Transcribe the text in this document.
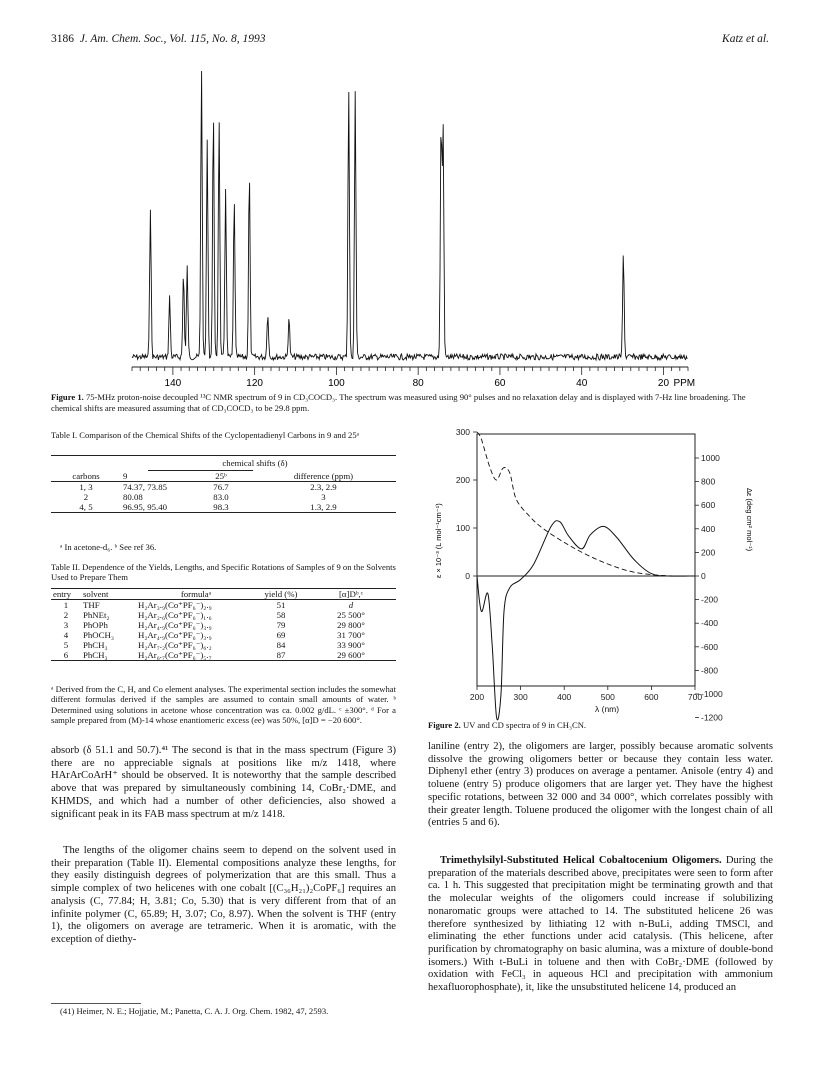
3186 J. Am. Chem. Soc., Vol. 115, No. 8, 1993	Katz et al.
140	120	100	80	60	40	20 PPM
Figure 1. 75-MHz proton-noise decoupled ¹³C NMR spectrum of 9 in CD₃COCD₃. The spectrum was measured using 90° pulses and no relaxation delay and is displayed with 7-Hz line broadening. The chemical shifts are measured assuming that of CD₃COCD₃ to be 29.8 ppm.
Table I. Comparison of the Chemical Shifts of the Cyclopentadienyl Carbons in 9 and 25ᵃ
chemical shifts (δ)
carbons	9	25ᵇ	difference (ppm)
1, 3	74.37, 73.85	76.7	2.3, 2.9
2	80.08	83.0	3
4, 5	96.95, 95.40	98.3	1.3, 2.9
ᵃ In acetone-d₆. ᵇ See ref 36.
Table II. Dependence of the Yields, Lengths, and Specific Rotations of Samples of 9 on the Solvents Used to Prepare Them
entry	solvent	formulaᵃ	yield (%)	[α]Dᵇ,ᶜ
1	THF	H₂Ar₃.₉(Co⁺PF₆⁻)₂.₉	51	d
2	PhNEt₂	H₂Ar₂.₆(Co⁺PF₆⁻)₁.₆	58	25 500°
3	PhOPh	H₂Ar₄.₉(Co⁺PF₆⁻)₃.₉	79	29 800°
4	PhOCH₃	H₂Ar₄.₉(Co⁺PF₆⁻)₃.₉	69	31 700°
5	PhCH₃	H₂Ar₇.₂(Co⁺PF₆⁻)₆.₂	84	33 900°
6	PhCH₃	H₂Ar₆.₇(Co⁺PF₆⁻)₅.₇	87	29 600°
ᵃ Derived from the C, H, and Co element analyses. The experimental section includes the somewhat different formulas derived if the samples are assumed to contain small amounts of water. ᵇ Determined using solutions in acetone whose concentration was ca. 0.002 g/dL. ᶜ ±300°. ᵈ For a sample prepared from (M)-14 whose enantiomeric excess (ee) was 50%, [α]D = −20 600°.
absorb (δ 51.1 and 50.7).⁴¹ The second is that in the mass spectrum (Figure 3) there are no appreciable signals at positions like m/z 1418, where HArArCoArH⁺ should be observed. It is noteworthy that the sample described above that was prepared by simultaneously combining 14, CoBr₂·DME, and KHMDS, and which had a number of other deficiencies, also showed a significant peak in its FAB mass spectrum at m/z 1418.
The lengths of the oligomer chains seem to depend on the solvent used in their preparation (Table II). Elemental compositions analyze these lengths, for they easily distinguish degrees of polymerization that are this small. Thus a simple complex of two helicenes with one cobalt [(C₃₆H₂₁)₂CoPF₆] requires an analysis (C, 77.84; H, 3.81; Co, 5.30) that is very different from that of an infinite polymer (C, 65.89; H, 3.07; Co, 8.97). When the solvent is THF (entry 1), the oligomers on average are tetrameric. When it is aromatic, with the exception of diethy-
(41) Heimer, N. E.; Hojjatie, M.; Panetta, C. A. J. Org. Chem. 1982, 47, 2593.
200	300	400	500	600	700
300
200
100
0
1000
800
600
400
200
0
-200
-400
-600
-800
-1000
-1200
ε × 10⁻³ (L mol⁻¹cm⁻¹)	Δε (deg cm² mol⁻¹)
λ (nm)
Figure 2. UV and CD spectra of 9 in CH₃CN.
laniline (entry 2), the oligomers are larger, possibly because aromatic solvents dissolve the growing oligomers better or because they contain less water. Diphenyl ether (entry 3) produces on average a pentamer. Anisole (entry 4) and toluene (entry 5) produce oligomers that are larger yet. They have the highest specific rotations, between 32 000 and 34 000°, which correlates possibly with their greater length. Toluene produced the oligomer with the longest chain of all (entries 5 and 6).
Trimethylsilyl-Substituted Helical Cobaltocenium Oligomers. During the preparation of the materials described above, precipitates were seen to form after ca. 1 h. This suggested that precipitation might be terminating growth and that the molecular weights of the oligomers could increase if solubilizing nonaromatic groups were attached to 14. The substituted helicene 26 was therefore synthesized by lithiating 12 with n-BuLi, adding TMSCl, and eliminating the ether functions under acid catalysis. (This helicene, after purification by chromatography on basic alumina, was a mixture of double-bond isomers.) With t-BuLi in toluene and then with CoBr₂·DME (followed by oxidation with FeCl₃ in aqueous HCl and precipitation with ammonium hexafluorophosphate), it, like the unsubstituted helicene 14, produced an
